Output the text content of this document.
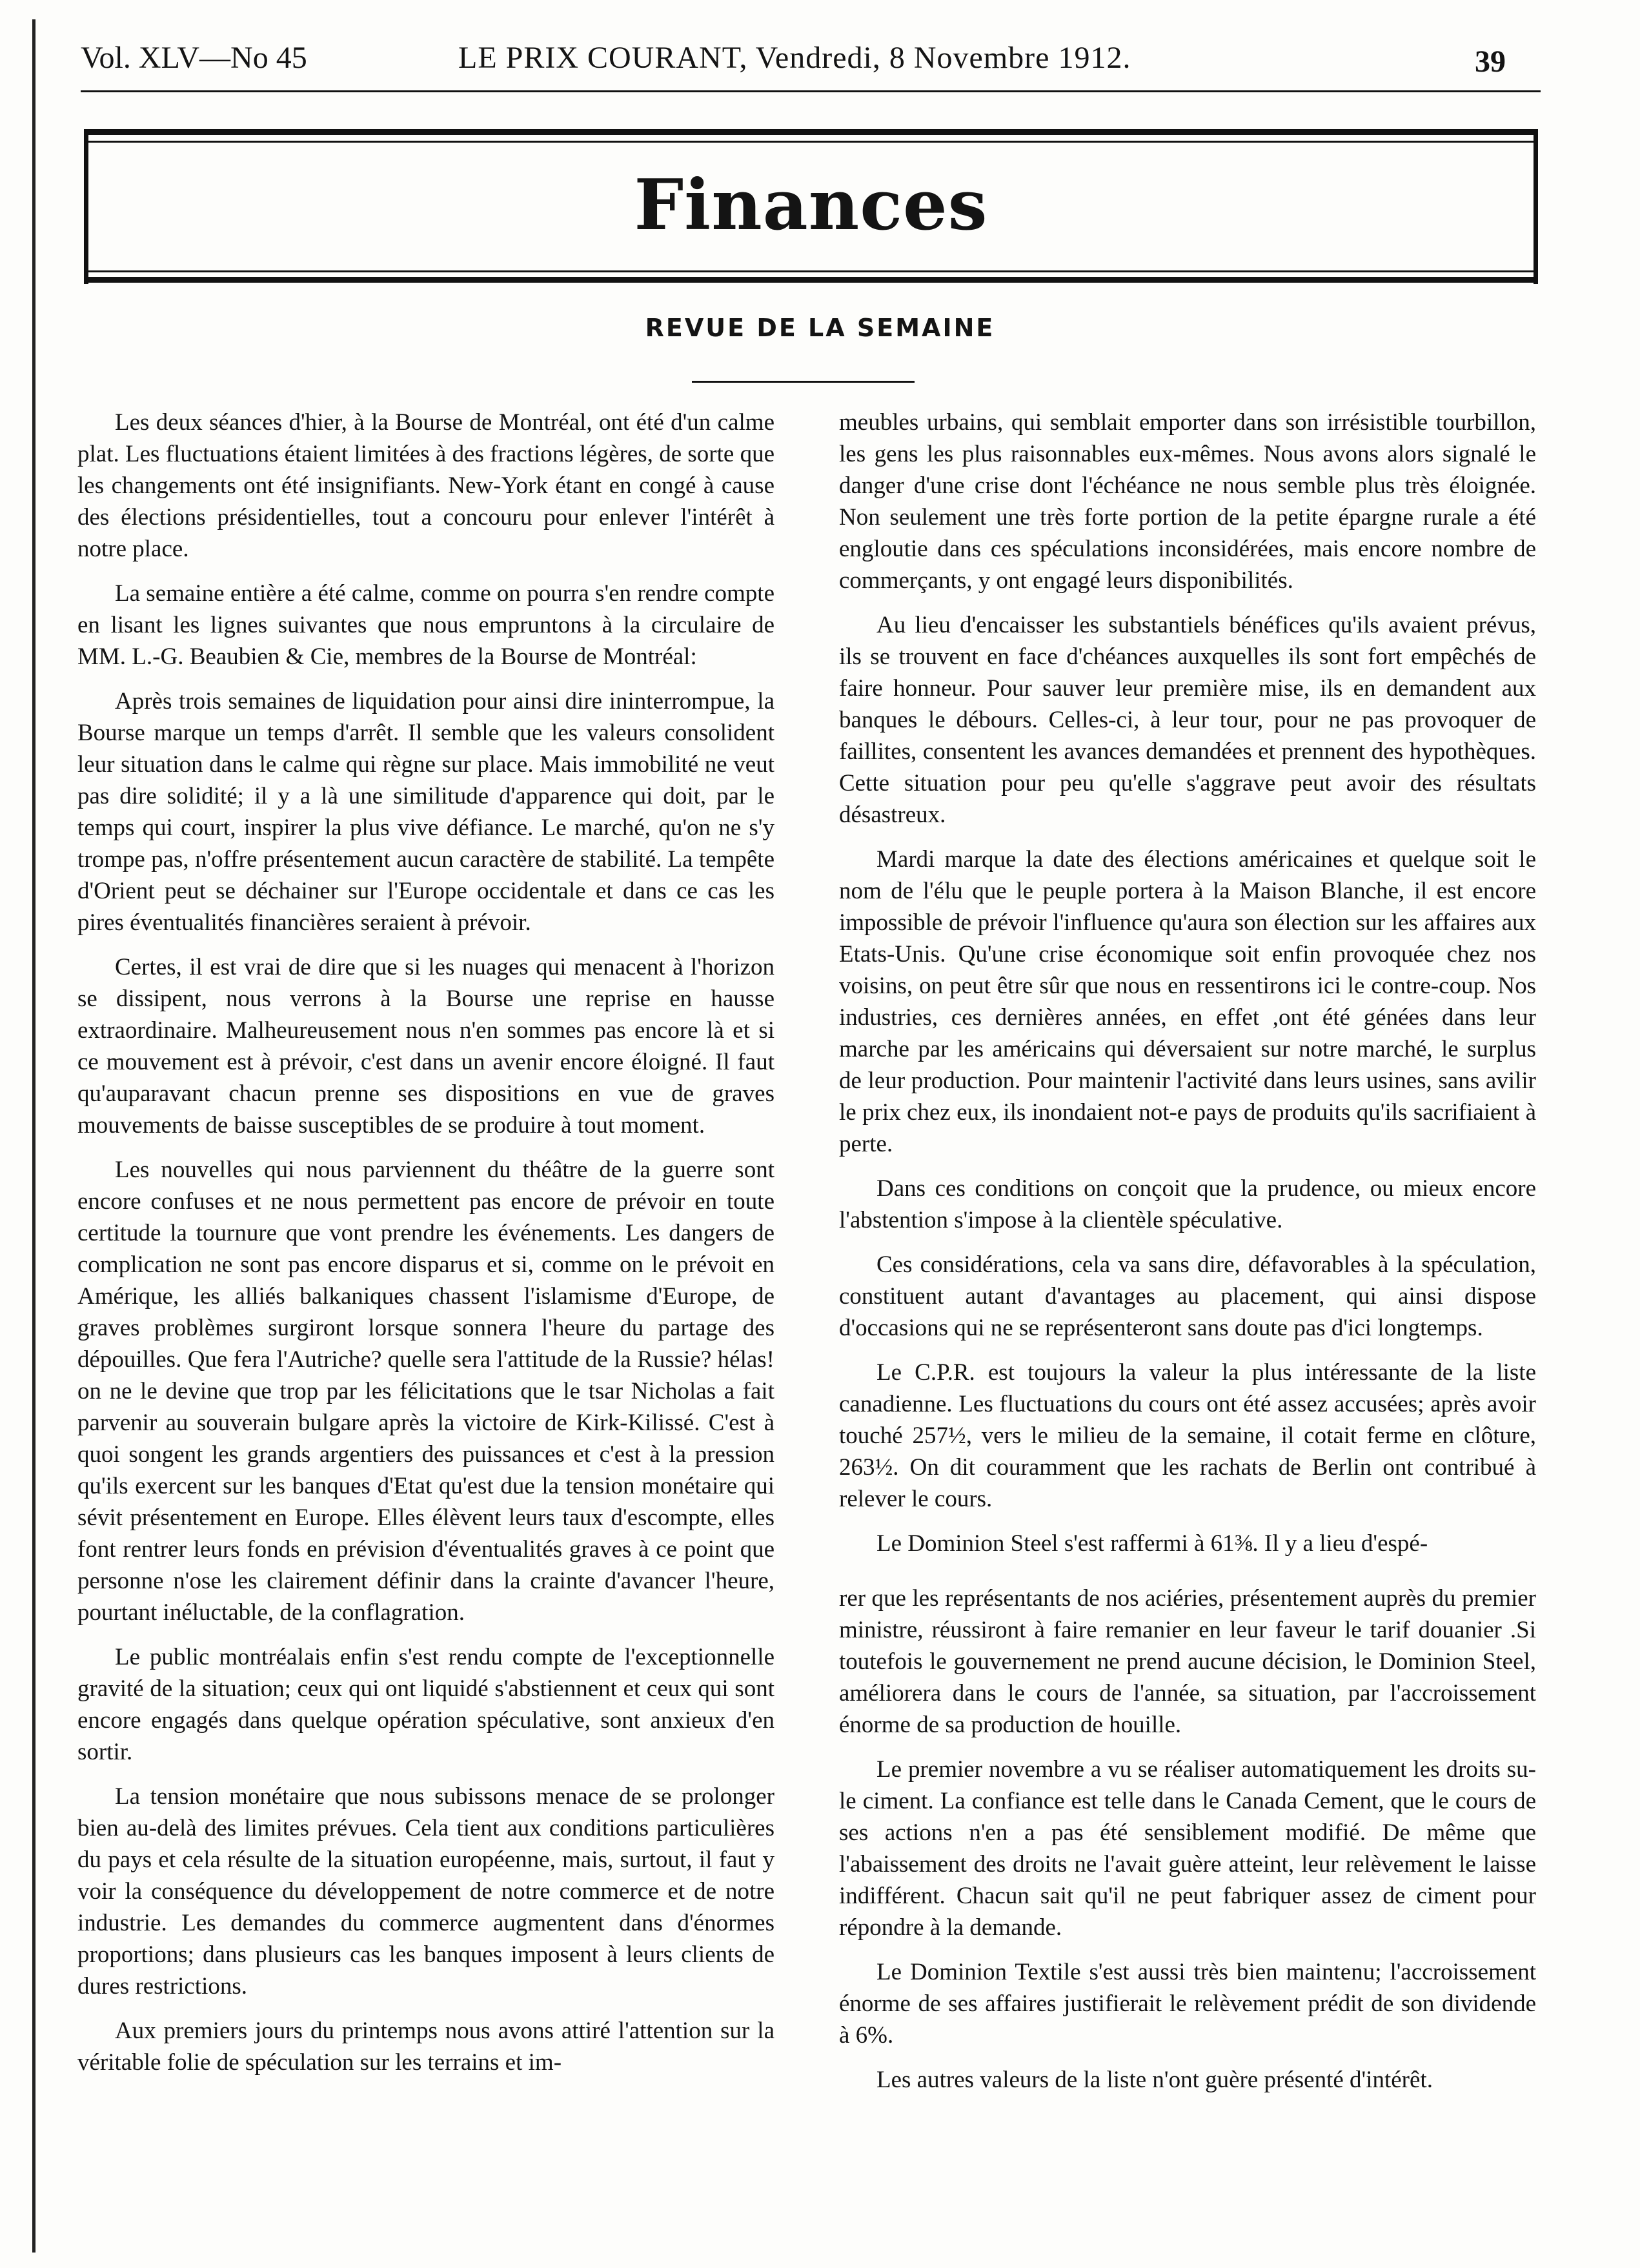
Vol. XLV—No 45	LE PRIX COURANT, Vendredi, 8 Novembre 1912.	39
Finances
REVUE DE LA SEMAINE

Les deux séances d'hier, à la Bourse de Montréal, ont été d'un calme plat. Les fluctuations étaient limitées à des fractions légères, de sorte que les changements ont été insignifiants. New-York étant en congé à cause des élections présidentielles, tout a concouru pour enlever l'intérêt à notre place.

La semaine entière a été calme, comme on pourra s'en rendre compte en lisant les lignes suivantes que nous empruntons à la circulaire de MM. L.-G. Beaubien & Cie, membres de la Bourse de Montréal:

Après trois semaines de liquidation pour ainsi dire ininterrompue, la Bourse marque un temps d'arrêt. Il semble que les valeurs consolident leur situation dans le calme qui règne sur place. Mais immobilité ne veut pas dire solidité; il y a là une similitude d'apparence qui doit, par le temps qui court, inspirer la plus vive défiance. Le marché, qu'on ne s'y trompe pas, n'offre présentement aucun caractère de stabilité. La tempête d'Orient peut se déchainer sur l'Europe occidentale et dans ce cas les pires éventualités financières seraient à prévoir.

Certes, il est vrai de dire que si les nuages qui menacent à l'horizon se dissipent, nous verrons à la Bourse une reprise en hausse extraordinaire. Malheureusement nous n'en sommes pas encore là et si ce mouvement est à prévoir, c'est dans un avenir encore éloigné. Il faut qu'auparavant chacun prenne ses dispositions en vue de graves mouvements de baisse susceptibles de se produire à tout moment.

Les nouvelles qui nous parviennent du théâtre de la guerre sont encore confuses et ne nous permettent pas encore de prévoir en toute certitude la tournure que vont prendre les événements. Les dangers de complication ne sont pas encore disparus et si, comme on le prévoit en Amérique, les alliés balkaniques chassent l'islamisme d'Europe, de graves problèmes surgiront lorsque sonnera l'heure du partage des dépouilles. Que fera l'Autriche? quelle sera l'attitude de la Russie? hélas! on ne le devine que trop par les félicitations que le tsar Nicholas a fait parvenir au souverain bulgare après la victoire de Kirk-Kilissé. C'est à quoi songent les grands argentiers des puissances et c'est à la pression qu'ils exercent sur les banques d'Etat qu'est due la tension monétaire qui sévit présentement en Europe. Elles élèvent leurs taux d'escompte, elles font rentrer leurs fonds en prévision d'éventualités graves à ce point que personne n'ose les clairement définir dans la crainte d'avancer l'heure, pourtant inéluctable, de la conflagration.

Le public montréalais enfin s'est rendu compte de l'exceptionnelle gravité de la situation; ceux qui ont liquidé s'abstiennent et ceux qui sont encore engagés dans quelque opération spéculative, sont anxieux d'en sortir.

La tension monétaire que nous subissons menace de se prolonger bien au-delà des limites prévues. Cela tient aux conditions particulières du pays et cela résulte de la situation européenne, mais, surtout, il faut y voir la conséquence du développement de notre commerce et de notre industrie. Les demandes du commerce augmentent dans d'énormes proportions; dans plusieurs cas les banques imposent à leurs clients de dures restrictions.

Aux premiers jours du printemps nous avons attiré l'attention sur la véritable folie de spéculation sur les terrains et im-

meubles urbains, qui semblait emporter dans son irrésistible tourbillon, les gens les plus raisonnables eux-mêmes. Nous avons alors signalé le danger d'une crise dont l'échéance ne nous semble plus très éloignée. Non seulement une très forte portion de la petite épargne rurale a été engloutie dans ces spéculations inconsidérées, mais encore nombre de commerçants, y ont engagé leurs disponibilités.

Au lieu d'encaisser les substantiels bénéfices qu'ils avaient prévus, ils se trouvent en face d'chéances auxquelles ils sont fort empêchés de faire honneur. Pour sauver leur première mise, ils en demandent aux banques le débours. Celles-ci, à leur tour, pour ne pas provoquer de faillites, consentent les avances demandées et prennent des hypothèques. Cette situation pour peu qu'elle s'aggrave peut avoir des résultats désastreux.

Mardi marque la date des élections américaines et quelque soit le nom de l'élu que le peuple portera à la Maison Blanche, il est encore impossible de prévoir l'influence qu'aura son élection sur les affaires aux Etats-Unis. Qu'une crise économique soit enfin provoquée chez nos voisins, on peut être sûr que nous en ressentirons ici le contre-coup. Nos industries, ces dernières années, en effet ,ont été génées dans leur marche par les américains qui déversaient sur notre marché, le surplus de leur production. Pour maintenir l'activité dans leurs usines, sans avilir le prix chez eux, ils inondaient not-e pays de produits qu'ils sacrifiaient à perte.

Dans ces conditions on conçoit que la prudence, ou mieux encore l'abstention s'impose à la clientèle spéculative.

Ces considérations, cela va sans dire, défavorables à la spéculation, constituent autant d'avantages au placement, qui ainsi dispose d'occasions qui ne se représenteront sans doute pas d'ici longtemps.

Le C.P.R. est toujours la valeur la plus intéressante de la liste canadienne. Les fluctuations du cours ont été assez accusées; après avoir touché 257½, vers le milieu de la semaine, il cotait ferme en clôture, 263½. On dit couramment que les rachats de Berlin ont contribué à relever le cours.

Le Dominion Steel s'est raffermi à 61⅜. Il y a lieu d'espé-

rer que les représentants de nos aciéries, présentement auprès du premier ministre, réussiront à faire remanier en leur faveur le tarif douanier .Si toutefois le gouvernement ne prend aucune décision, le Dominion Steel, améliorera dans le cours de l'année, sa situation, par l'accroissement énorme de sa production de houille.

Le premier novembre a vu se réaliser automatiquement les droits su- le ciment. La confiance est telle dans le Canada Cement, que le cours de ses actions n'en a pas été sensiblement modifié. De même que l'abaissement des droits ne l'avait guère atteint, leur relèvement le laisse indifférent. Chacun sait qu'il ne peut fabriquer assez de ciment pour répondre à la demande.

Le Dominion Textile s'est aussi très bien maintenu; l'accroissement énorme de ses affaires justifierait le relèvement prédit de son dividende à 6%.

Les autres valeurs de la liste n'ont guère présenté d'intérêt.
